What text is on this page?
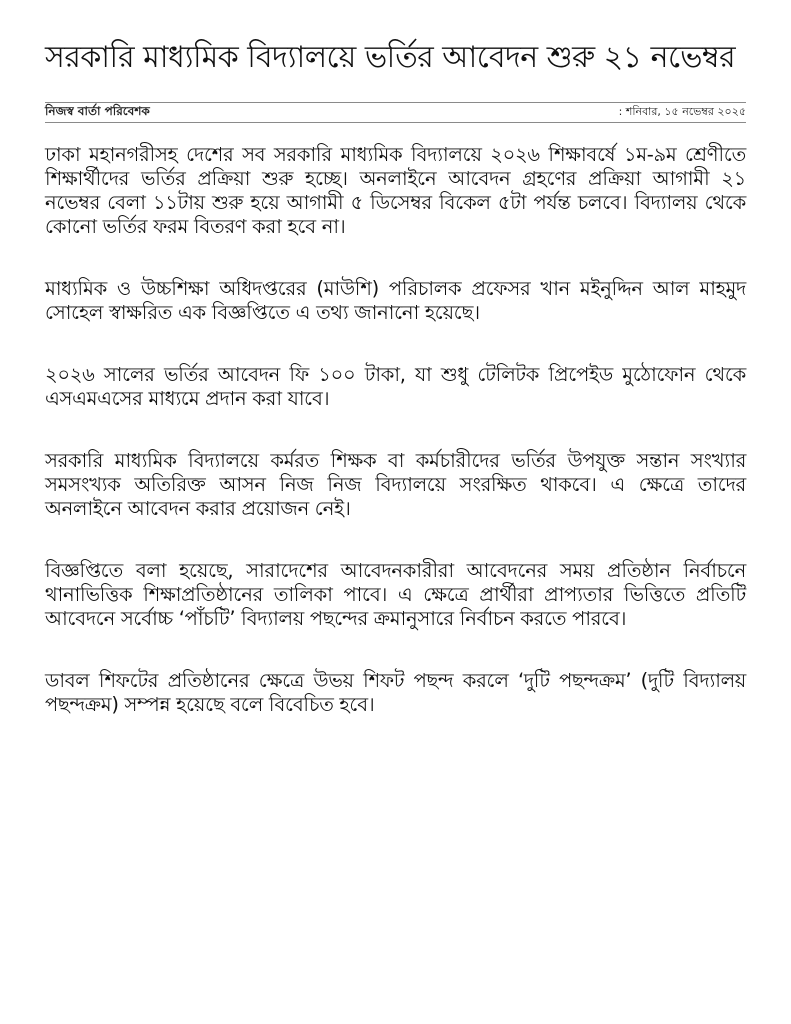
সরকারি মাধ্যমিক বিদ্যালয়ে ভর্তির আবেদন শুরু ২১ নভেম্বর
নিজস্ব বার্তা পরিবেশক	: শনিবার, ১৫ নভেম্বর ২০২৫

ঢাকা মহানগরীসহ দেশের সব সরকারি মাধ্যমিক বিদ্যালয়ে ২০২৬ শিক্ষাবর্ষে ১ম-৯ম শ্রেণীতে শিক্ষার্থীদের ভর্তির প্রক্রিয়া শুরু হচ্ছে। অনলাইনে আবেদন গ্রহণের প্রক্রিয়া আগামী ২১ নভেম্বর বেলা ১১টায় শুরু হয়ে আগামী ৫ ডিসেম্বর বিকেল ৫টা পর্যন্ত চলবে। বিদ্যালয় থেকে কোনো ভর্তির ফরম বিতরণ করা হবে না।

মাধ্যমিক ও উচ্চশিক্ষা অধিদপ্তরের (মাউশি) পরিচালক প্রফেসর খান মইনুদ্দিন আল মাহমুদ সোহেল স্বাক্ষরিত এক বিজ্ঞপ্তিতে এ তথ্য জানানো হয়েছে।

২০২৬ সালের ভর্তির আবেদন ফি ১০০ টাকা, যা শুধু টেলিটক প্রিপেইড মুঠোফোন থেকে এসএমএসের মাধ্যমে প্রদান করা যাবে।

সরকারি মাধ্যমিক বিদ্যালয়ে কর্মরত শিক্ষক বা কর্মচারীদের ভর্তির উপযুক্ত সন্তান সংখ্যার সমসংখ্যক অতিরিক্ত আসন নিজ নিজ বিদ্যালয়ে সংরক্ষিত থাকবে। এ ক্ষেত্রে তাদের অনলাইনে আবেদন করার প্রয়োজন নেই।

বিজ্ঞপ্তিতে বলা হয়েছে, সারাদেশের আবেদনকারীরা আবেদনের সময় প্রতিষ্ঠান নির্বাচনে থানাভিত্তিক শিক্ষাপ্রতিষ্ঠানের তালিকা পাবে। এ ক্ষেত্রে প্রার্থীরা প্রাপ্যতার ভিত্তিতে প্রতিটি আবেদনে সর্বোচ্চ ‘পাঁচটি’ বিদ্যালয় পছন্দের ক্রমানুসারে নির্বাচন করতে পারবে।

ডাবল শিফটের প্রতিষ্ঠানের ক্ষেত্রে উভয় শিফট পছন্দ করলে ‘দুটি পছন্দক্রম’ (দুটি বিদ্যালয় পছন্দক্রম) সম্পন্ন হয়েছে বলে বিবেচিত হবে।
